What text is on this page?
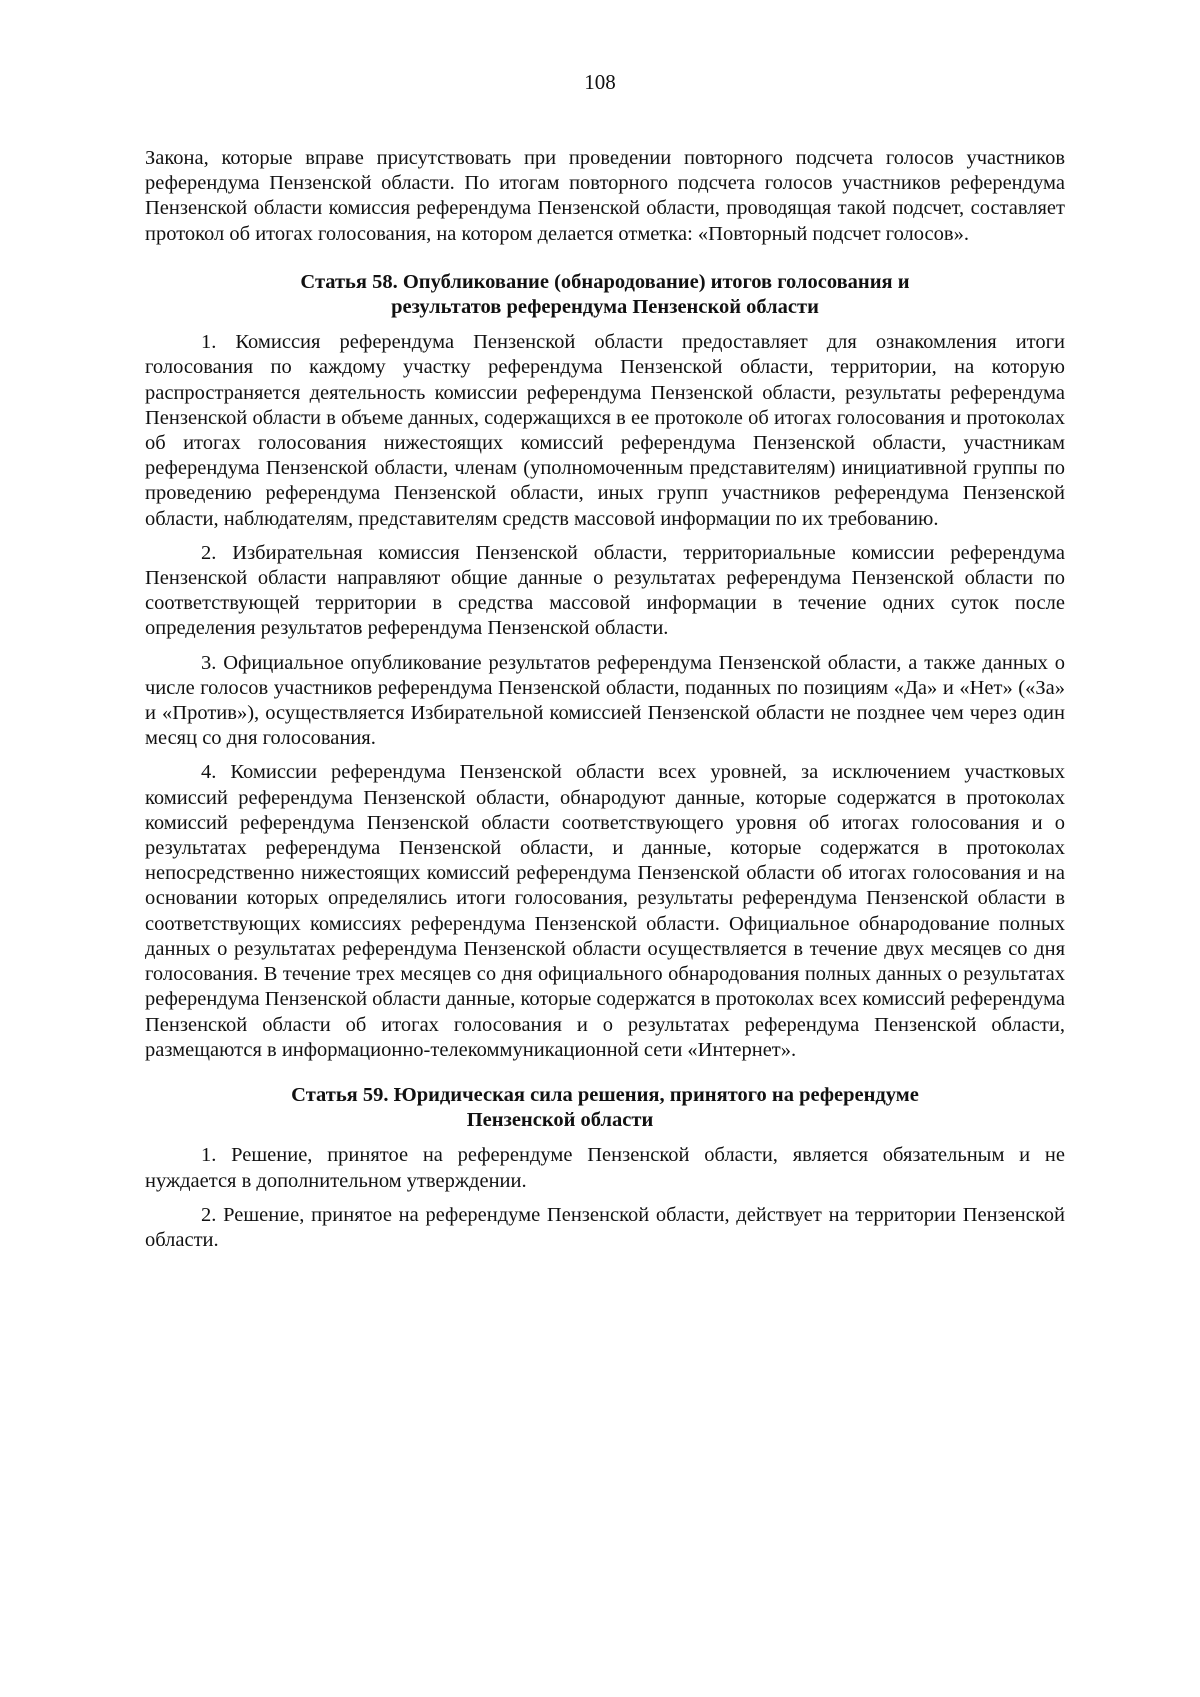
108

Закона, которые вправе присутствовать при проведении повторного подсчета голосов участников референдума Пензенской области. По итогам повторного подсчета голосов участников референдума Пензенской области комиссия референдума Пензенской области, проводящая такой подсчет, составляет протокол об итогах голосования, на котором делается отметка: «Повторный подсчет голосов».

Статья 58. Опубликование (обнародование) итогов голосования и
результатов референдума Пензенской области

1. Комиссия референдума Пензенской области предоставляет для ознакомления итоги голосования по каждому участку референдума Пензенской области, территории, на которую распространяется деятельность комиссии референдума Пензенской области, результаты референдума Пензенской области в объеме данных, содержащихся в ее протоколе об итогах голосования и протоколах об итогах голосования нижестоящих комиссий референдума Пензенской области, участникам референдума Пензенской области, членам (уполномоченным представителям) инициативной группы по проведению референдума Пензенской области, иных групп участников референдума Пензенской области, наблюдателям, представителям средств массовой информации по их требованию.

2. Избирательная комиссия Пензенской области, территориальные комиссии референдума Пензенской области направляют общие данные о результатах референдума Пензенской области по соответствующей территории в средства массовой информации в течение одних суток после определения результатов референдума Пензенской области.

3. Официальное опубликование результатов референдума Пензенской области, а также данных о числе голосов участников референдума Пензенской области, поданных по позициям «Да» и «Нет» («За» и «Против»), осуществляется Избирательной комиссией Пензенской области не позднее чем через один месяц со дня голосования.

4. Комиссии референдума Пензенской области всех уровней, за исключением участковых комиссий референдума Пензенской области, обнародуют данные, которые содержатся в протоколах комиссий референдума Пензенской области соответствующего уровня об итогах голосования и о результатах референдума Пензенской области, и данные, которые содержатся в протоколах непосредственно нижестоящих комиссий референдума Пензенской области об итогах голосования и на основании которых определялись итоги голосования, результаты референдума Пензенской области в соответствующих комиссиях референдума Пензенской области. Официальное обнародование полных данных о результатах референдума Пензенской области осуществляется в течение двух месяцев со дня голосования. В течение трех месяцев со дня официального обнародования полных данных о результатах референдума Пензенской области данные, которые содержатся в протоколах всех комиссий референдума Пензенской области об итогах голосования и о результатах референдума Пензенской области, размещаются в информационно-телекоммуникационной сети «Интернет».

Статья 59. Юридическая сила решения, принятого на референдуме
Пензенской области

1. Решение, принятое на референдуме Пензенской области, является обязательным и не нуждается в дополнительном утверждении.

2. Решение, принятое на референдуме Пензенской области, действует на территории Пензенской области.
